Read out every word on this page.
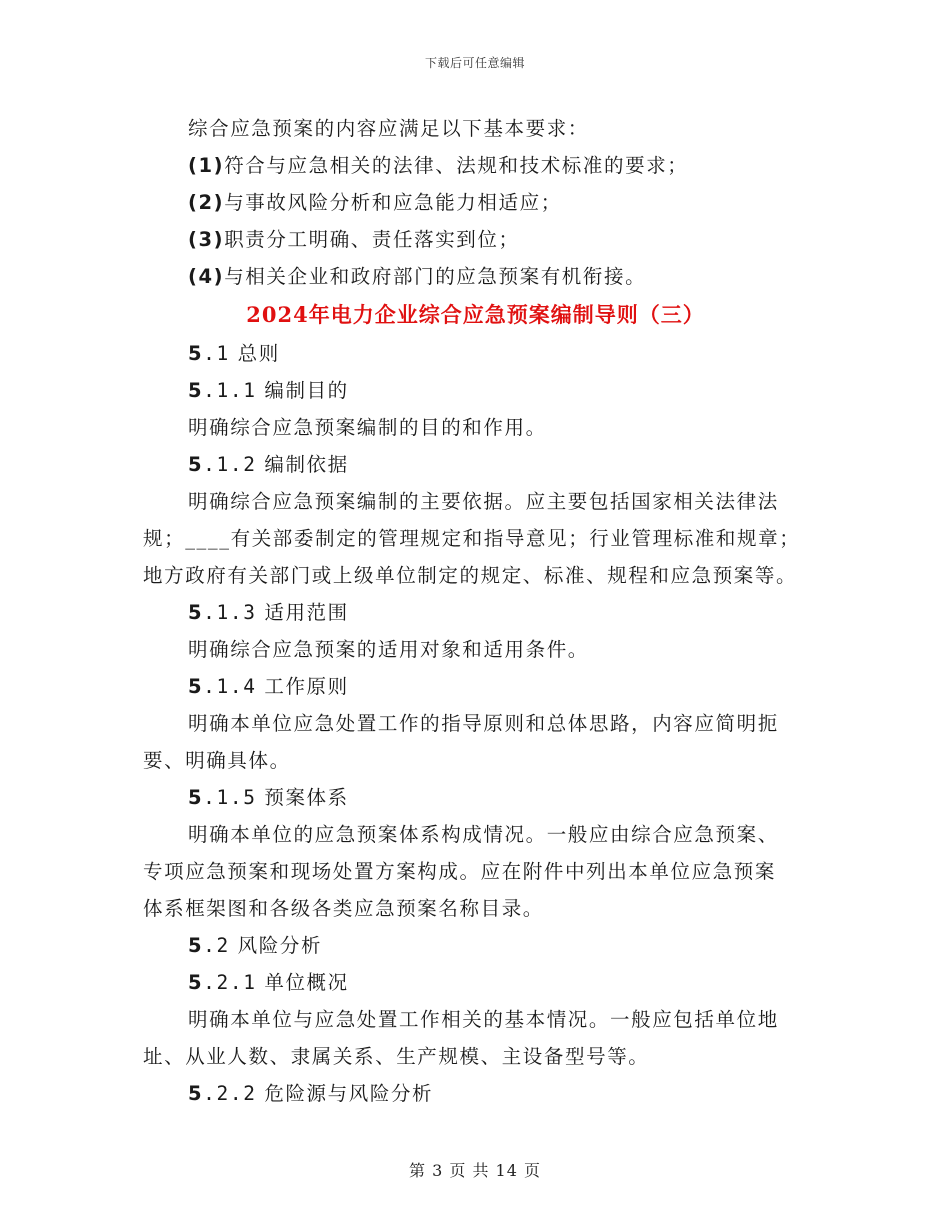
下载后可任意编辑
综合应急预案的内容应满足以下基本要求：
(1)符合与应急相关的法律、法规和技术标准的要求；
(2)与事故风险分析和应急能力相适应；
(3)职责分工明确、责任落实到位；
(4)与相关企业和政府部门的应急预案有机衔接。
2024年电力企业综合应急预案编制导则（三）
5.1 总则
5.1.1 编制目的
明确综合应急预案编制的目的和作用。
5.1.2 编制依据
明确综合应急预案编制的主要依据。应主要包括国家相关法律法
规；____有关部委制定的管理规定和指导意见；行业管理标准和规章；
地方政府有关部门或上级单位制定的规定、标准、规程和应急预案等。
5.1.3 适用范围
明确综合应急预案的适用对象和适用条件。
5.1.4 工作原则
明确本单位应急处置工作的指导原则和总体思路，内容应简明扼
要、明确具体。
5.1.5 预案体系
明确本单位的应急预案体系构成情况。一般应由综合应急预案、
专项应急预案和现场处置方案构成。应在附件中列出本单位应急预案
体系框架图和各级各类应急预案名称目录。
5.2 风险分析
5.2.1 单位概况
明确本单位与应急处置工作相关的基本情况。一般应包括单位地
址、从业人数、隶属关系、生产规模、主设备型号等。
5.2.2 危险源与风险分析
第 3 页 共 14 页
